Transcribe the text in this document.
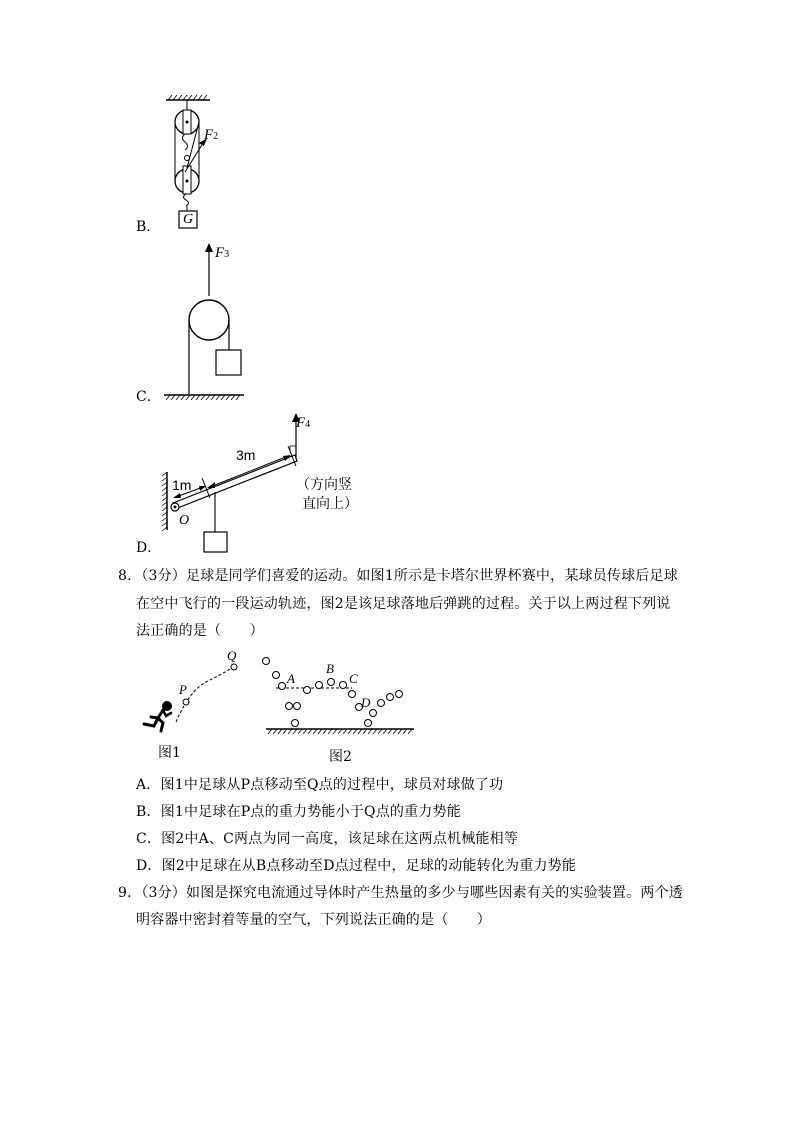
F2
G
B．
F3
C．
F4
3m
1m
O
（方向竖
直向上）
D．
8．（3分）足球是同学们喜爱的运动。如图1所示是卡塔尔世界杯赛中，某球员传球后足球
在空中飞行的一段运动轨迹，图2是该足球落地后弹跳的过程。关于以上两过程下列说
法正确的是（　　）
P
Q
图1
A
B
C
D
图2
A．图1中足球从P点移动至Q点的过程中，球员对球做了功
B．图1中足球在P点的重力势能小于Q点的重力势能
C．图2中A、C两点为同一高度，该足球在这两点机械能相等
D．图2中足球在从B点移动至D点过程中，足球的动能转化为重力势能
9．（3分）如图是探究电流通过导体时产生热量的多少与哪些因素有关的实验装置。两个透
明容器中密封着等量的空气，下列说法正确的是（　　）
